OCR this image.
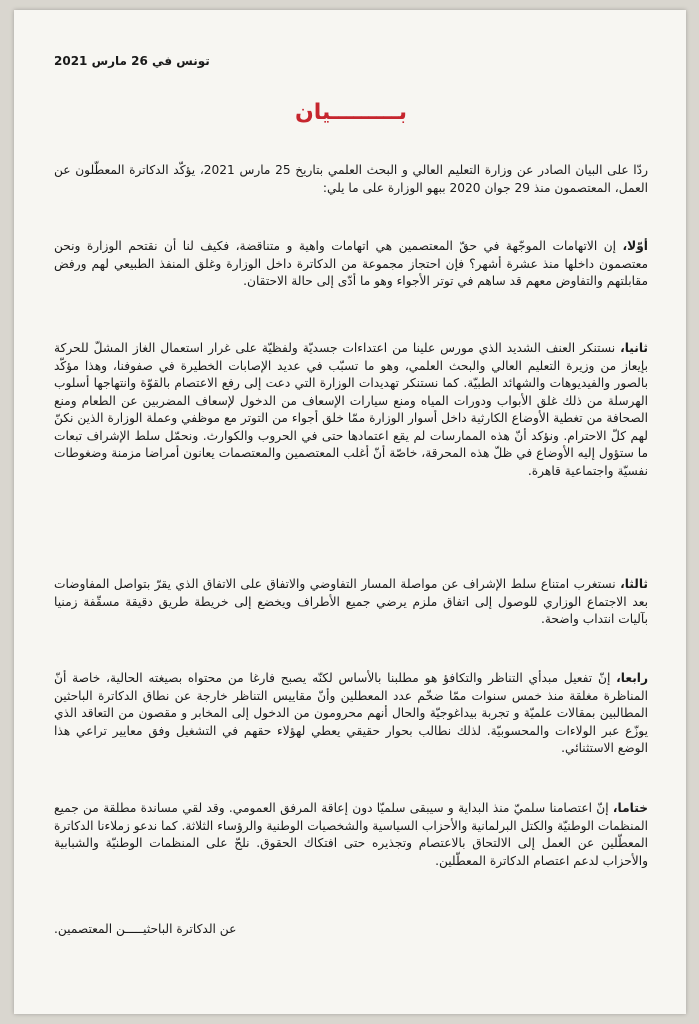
تونس في 26 مارس 2021
بـــــــــيان
ردّا على البيان الصادر عن وزارة التعليم العالي و البحث العلمي بتاريخ 25 مارس 2021، يؤكّد الدكاترة المعطّلون عن العمل، المعتصمون منذ 29 جوان 2020 ببهو الوزارة على ما يلي:
أوّلا، إن الاتهامات الموجّهة في حقّ المعتصمين هي اتهامات واهية و متناقضة، فكيف لنا أن نقتحم الوزارة ونحن معتصمون داخلها منذ عشرة أشهر؟ فإن احتجاز مجموعة من الدكاترة داخل الوزارة وغلق المنفذ الطبيعي لهم ورفض مقابلتهم والتفاوض معهم قد ساهم في توتر الأجواء وهو ما أدّى إلى حالة الاحتقان.
ثانيا، نستنكر العنف الشديد الذي مورس علينا من اعتداءات جسديّة ولفظيّة على غرار استعمال الغاز المشلّ للحركة بإيعاز من وزيرة التعليم العالي والبحث العلمي، وهو ما تسبّب في عديد الإصابات الخطيرة في صفوفنا، وهذا مؤكّد بالصور والفيديوهات والشهائد الطبيّة. كما نستنكر تهديدات الوزارة التي دعت إلى رفع الاعتصام بالقوّة وانتهاجها أسلوب الهرسلة من ذلك غلق الأبواب ودورات المياه ومنع سيارات الإسعاف من الدخول لإسعاف المضربين عن الطعام ومنع الصحافة من تغطية الأوضاع الكارثية داخل أسوار الوزارة ممّا خلق أجواء من التوتر مع موظفي وعملة الوزارة الذين نكنّ لهم كلّ الاحترام. ونؤكد أنّ هذه الممارسات لم يقع اعتمادها حتى في الحروب والكوارث. ونحمّل سلط الإشراف تبعات ما ستؤول إليه الأوضاع في ظلّ هذه المحرقة، خاصّة أنّ أغلب المعتصمين والمعتصمات يعانون أمراضا مزمنة وضغوطات نفسيّة واجتماعية قاهرة.
ثالثا، نستغرب امتناع سلط الإشراف عن مواصلة المسار التفاوضي والاتفاق على الاتفاق الذي يقرّ بتواصل المفاوضات بعد الاجتماع الوزاري للوصول إلى اتفاق ملزم يرضي جميع الأطراف ويخضع إلى خريطة طريق دقيقة مسقّفة زمنيا بآليات انتداب واضحة.
رابعا، إنّ تفعيل مبدأي التناظر والتكافؤ هو مطلبنا بالأساس لكنّه يصبح فارغا من محتواه بصيغته الحالية، خاصة أنّ المناظرة مغلقة منذ خمس سنوات ممّا ضخّم عدد المعطلين وأنّ مقاييس التناظر خارجة عن نطاق الدكاترة الباحثين المطالبين بمقالات علميّة و تجربة بيداغوجيّة والحال أنهم محرومون من الدخول إلى المخابر و مقصون من التعاقد الذي يوزّع عبر الولاءات والمحسوبيّة. لذلك نطالب بحوار حقيقي يعطي لهؤلاء حقهم في التشغيل وفق معايير تراعي هذا الوضع الاستثنائي.
ختاما، إنّ اعتصامنا سلميّ منذ البداية و سيبقى سلميّا دون إعاقة المرفق العمومي. وقد لقي مساندة مطلقة من جميع المنظمات الوطنيّة والكتل البرلمانية والأحزاب السياسية والشخصيات الوطنية والرؤساء الثلاثة. كما ندعو زملاءنا الدكاترة المعطّلين عن العمل إلى الالتحاق بالاعتصام وتجذيره حتى افتكاك الحقوق. نلحّ على المنظمات الوطنيّة والشبابية والأحزاب لدعم اعتصام الدكاترة المعطّلين.
عن الدكاترة الباحثيـــــن المعتصمين.
